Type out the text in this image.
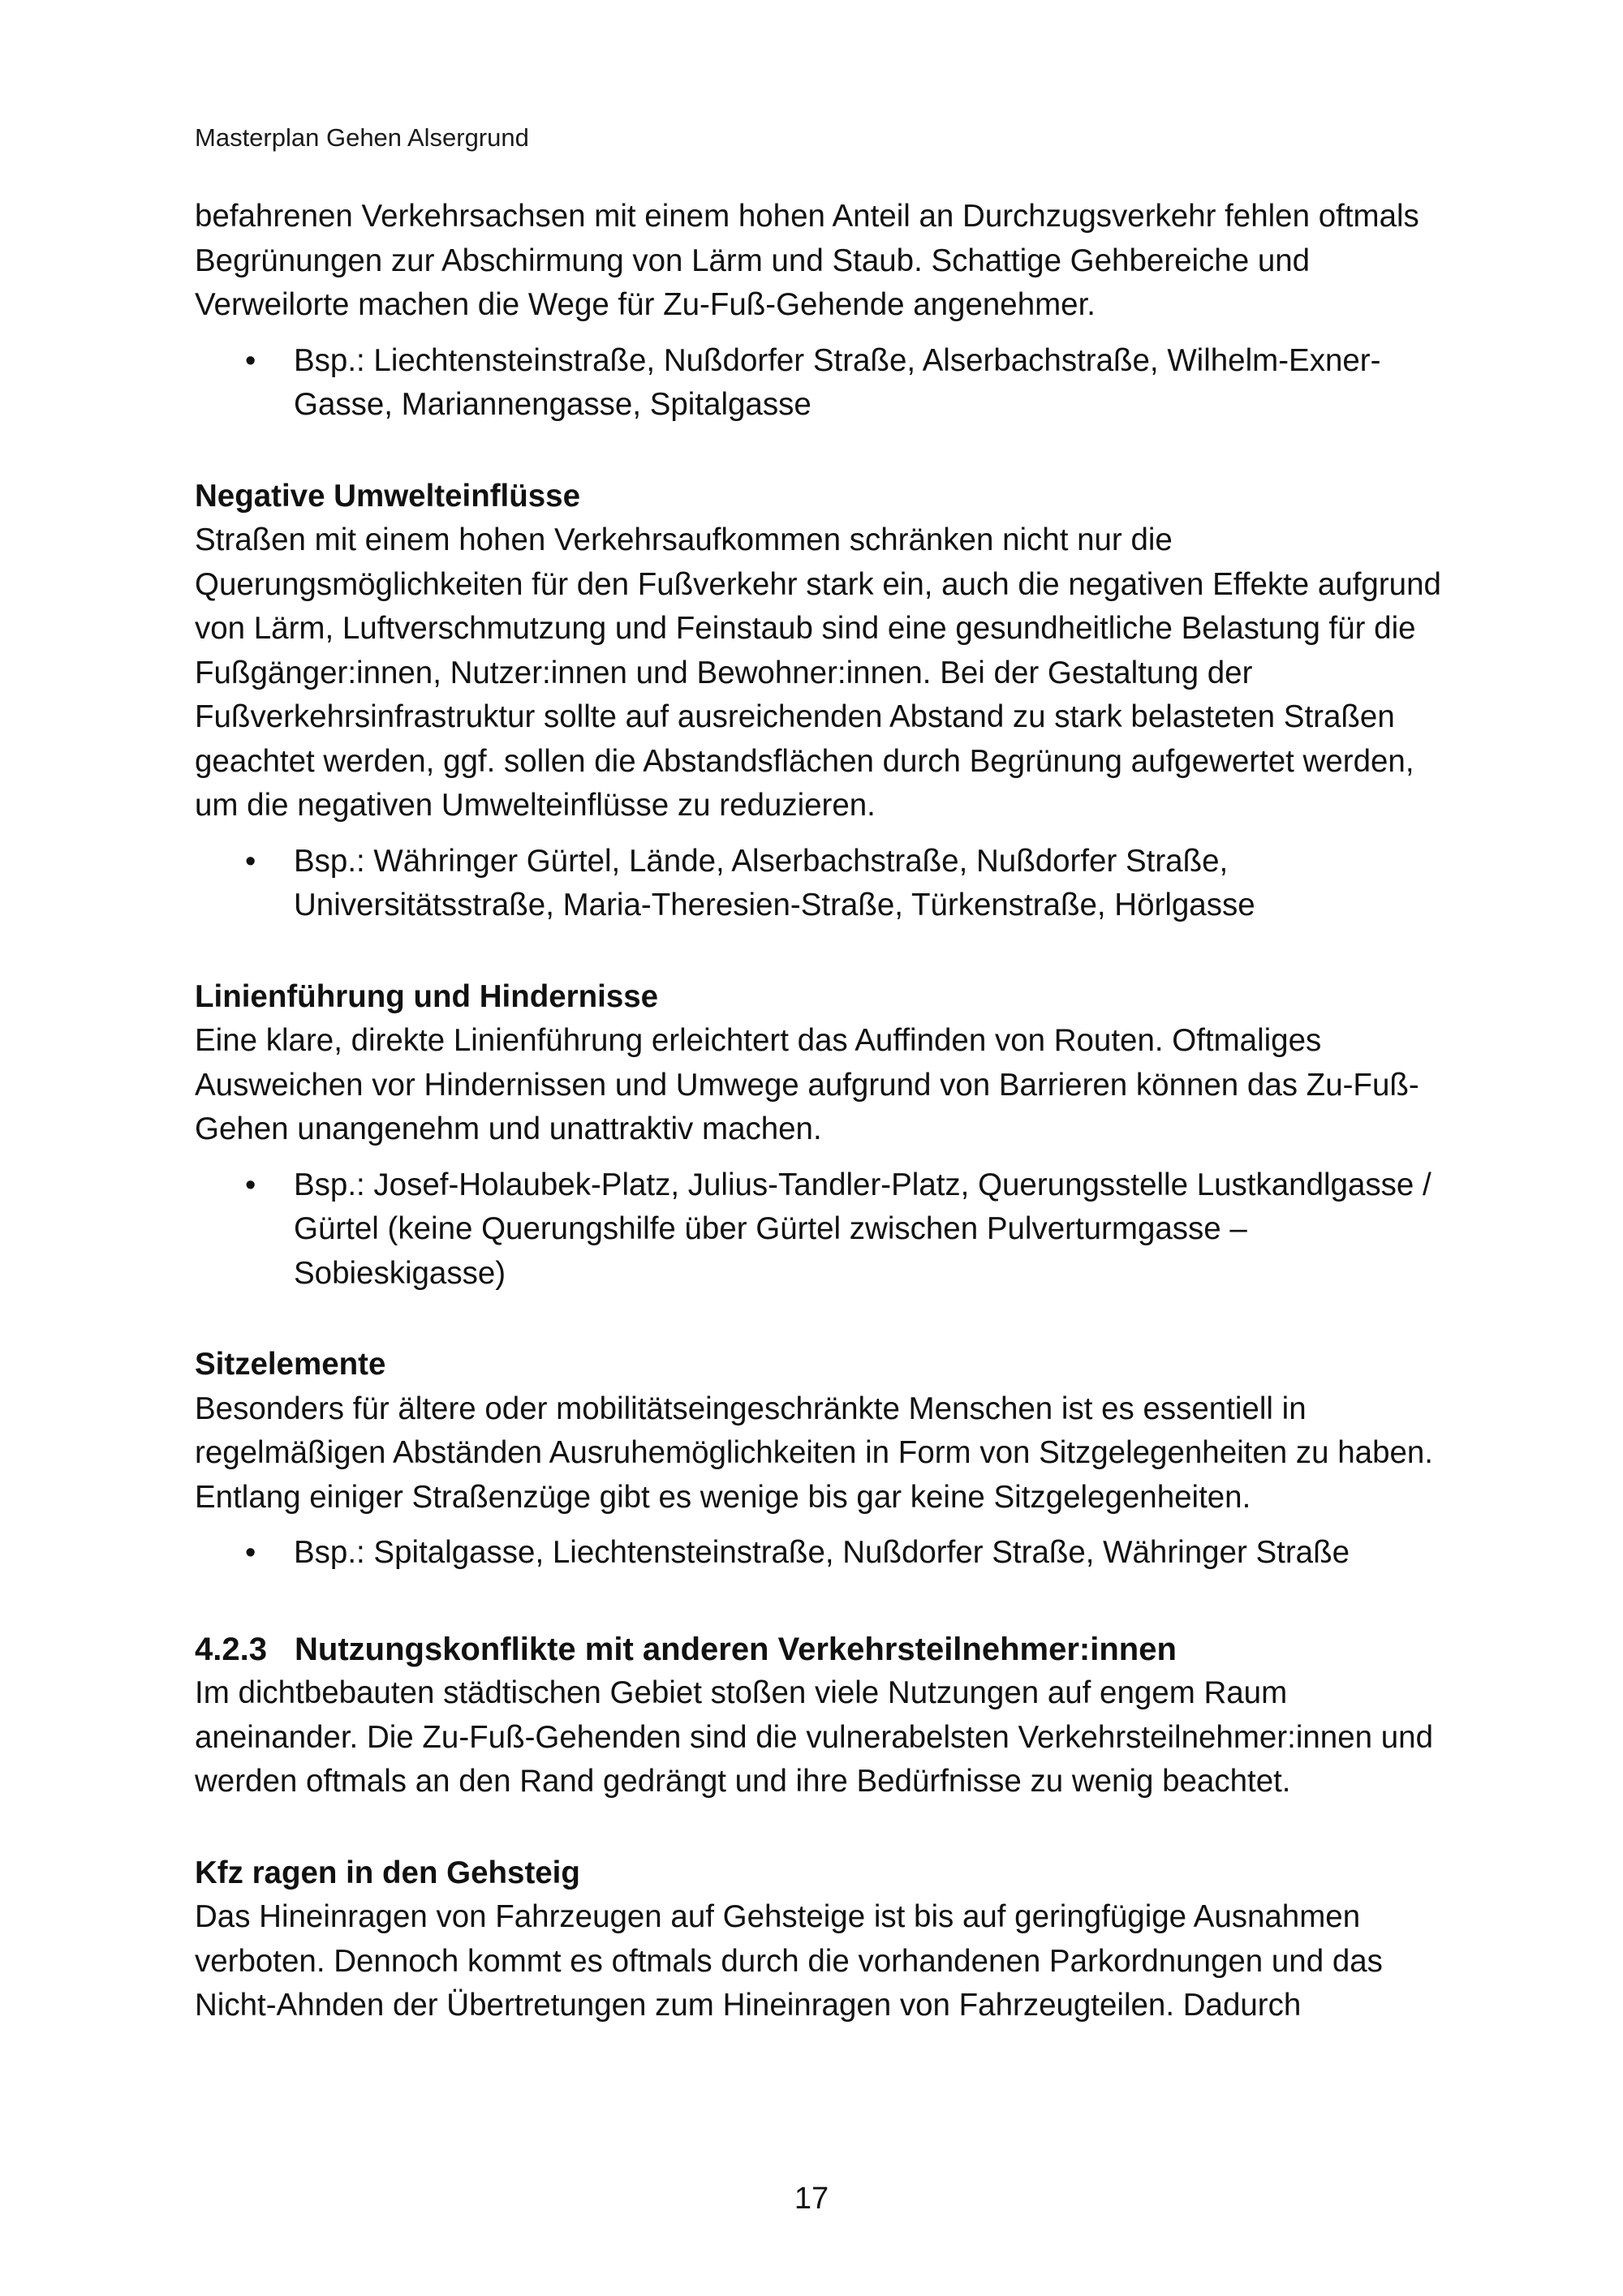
Masterplan Gehen Alsergrund

befahrenen Verkehrsachsen mit einem hohen Anteil an Durchzugsverkehr fehlen oftmals Begrünungen zur Abschirmung von Lärm und Staub. Schattige Gehbereiche und Verweilorte machen die Wege für Zu-Fuß-Gehende angenehmer.

• Bsp.: Liechtensteinstraße, Nußdorfer Straße, Alserbachstraße, Wilhelm-Exner-Gasse, Mariannengasse, Spitalgasse

Negative Umwelteinflüsse

Straßen mit einem hohen Verkehrsaufkommen schränken nicht nur die Querungsmöglichkeiten für den Fußverkehr stark ein, auch die negativen Effekte aufgrund von Lärm, Luftverschmutzung und Feinstaub sind eine gesundheitliche Belastung für die Fußgänger:innen, Nutzer:innen und Bewohner:innen. Bei der Gestaltung der Fußverkehrsinfrastruktur sollte auf ausreichenden Abstand zu stark belasteten Straßen geachtet werden, ggf. sollen die Abstandsflächen durch Begrünung aufgewertet werden, um die negativen Umwelteinflüsse zu reduzieren.

• Bsp.: Währinger Gürtel, Lände, Alserbachstraße, Nußdorfer Straße, Universitätsstraße, Maria-Theresien-Straße, Türkenstraße, Hörlgasse

Linienführung und Hindernisse

Eine klare, direkte Linienführung erleichtert das Auffinden von Routen. Oftmaliges Ausweichen vor Hindernissen und Umwege aufgrund von Barrieren können das Zu-Fuß-Gehen unangenehm und unattraktiv machen.

• Bsp.: Josef-Holaubek-Platz, Julius-Tandler-Platz, Querungsstelle Lustkandlgasse / Gürtel (keine Querungshilfe über Gürtel zwischen Pulverturmgasse – Sobieskigasse)

Sitzelemente

Besonders für ältere oder mobilitätseingeschränkte Menschen ist es essentiell in regelmäßigen Abständen Ausruhemöglichkeiten in Form von Sitzgelegenheiten zu haben. Entlang einiger Straßenzüge gibt es wenige bis gar keine Sitzgelegenheiten.

• Bsp.: Spitalgasse, Liechtensteinstraße, Nußdorfer Straße, Währinger Straße

4.2.3 Nutzungskonflikte mit anderen Verkehrsteilnehmer:innen

Im dichtbebauten städtischen Gebiet stoßen viele Nutzungen auf engem Raum aneinander. Die Zu-Fuß-Gehenden sind die vulnerabelsten Verkehrsteilnehmer:innen und werden oftmals an den Rand gedrängt und ihre Bedürfnisse zu wenig beachtet.

Kfz ragen in den Gehsteig

Das Hineinragen von Fahrzeugen auf Gehsteige ist bis auf geringfügige Ausnahmen verboten. Dennoch kommt es oftmals durch die vorhandenen Parkordnungen und das Nicht-Ahnden der Übertretungen zum Hineinragen von Fahrzeugteilen. Dadurch

17
